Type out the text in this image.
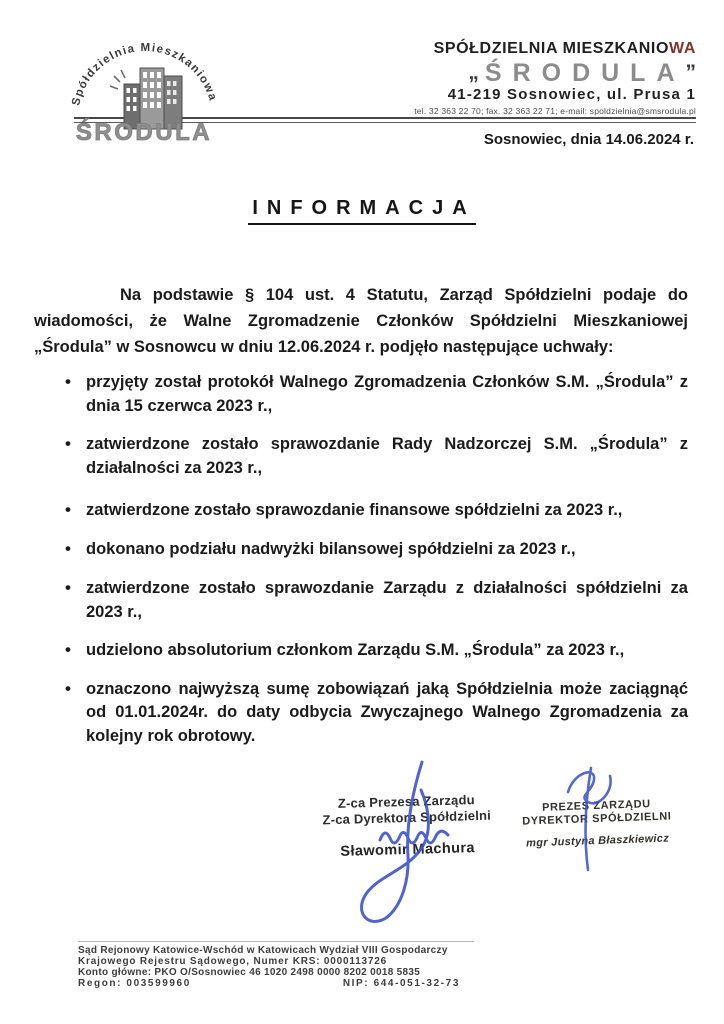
Spółdzielnia Mieszkaniowa
ŚRODULA
SPÓŁDZIELNIA MIESZKANIOWA
„ ŚRODULA”
41-219 Sosnowiec, ul. Prusa 1
tel. 32 363 22 70; fax. 32 363 22 71; e-mail: spoldzielnia@smsrodula.pl
Sosnowiec, dnia 14.06.2024 r.
INFORMACJA

Na podstawie § 104 ust. 4 Statutu, Zarząd Spółdzielni podaje do wiadomości, że Walne Zgromadzenie Członków Spółdzielni Mieszkaniowej „Środula” w Sosnowcu w dniu 12.06.2024 r. podjęło następujące uchwały:

• przyjęty został protokół Walnego Zgromadzenia Członków S.M. „Środula” z dnia 15 czerwca 2023 r.,
• zatwierdzone zostało sprawozdanie Rady Nadzorczej S.M. „Środula” z działalności za 2023 r.,
• zatwierdzone zostało sprawozdanie finansowe spółdzielni za 2023 r.,
• dokonano podziału nadwyżki bilansowej spółdzielni za 2023 r.,
• zatwierdzone zostało sprawozdanie Zarządu z działalności spółdzielni za 2023 r.,
• udzielono absolutorium członkom Zarządu S.M. „Środula” za 2023 r.,
• oznaczono najwyższą sumę zobowiązań jaką Spółdzielnia może zaciągnąć od 01.01.2024r. do daty odbycia Zwyczajnego Walnego Zgromadzenia za kolejny rok obrotowy.
Z-ca Prezesa Zarządu
Z-ca Dyrektora Spółdzielni
Sławomir Machura
PREZES ZARZĄDU
DYREKTOR SPÓŁDZIELNI
mgr Justyna Błaszkiewicz
Sąd Rejonowy Katowice-Wschód w Katowicach Wydział VIII Gospodarczy
Krajowego Rejestru Sądowego, Numer KRS: 0000113726
Konto główne: PKO O/Sosnowiec 46 1020 2498 0000 8202 0018 5835
Regon: 003599960	NIP: 644-051-32-73
